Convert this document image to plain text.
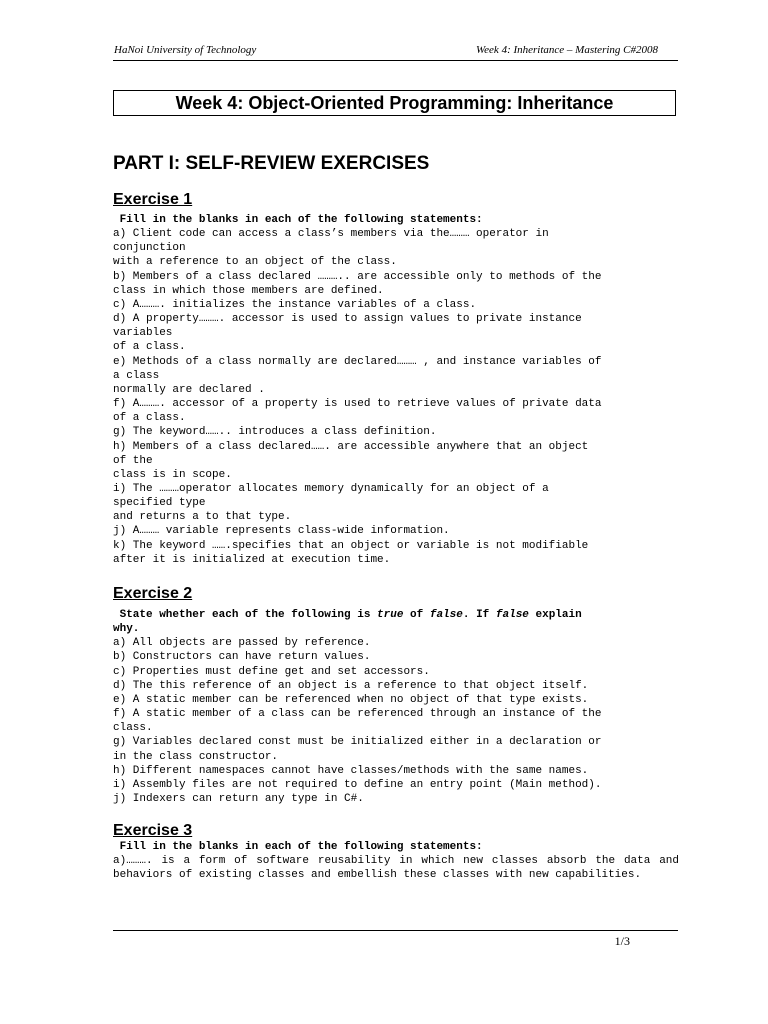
HaNoi University of Technology	Week 4: Inheritance – Mastering C#2008
Week 4: Object-Oriented Programming: Inheritance
PART I: SELF-REVIEW EXERCISES
Exercise 1
Fill in the blanks in each of the following statements:
a) Client code can access a class’s members via the……… operator in
conjunction
with a reference to an object of the class.
b) Members of a class declared ……….. are accessible only to methods of the
class in which those members are defined.
c) A………. initializes the instance variables of a class.
d) A property………. accessor is used to assign values to private instance
variables
of a class.
e) Methods of a class normally are declared……… , and instance variables of
a class
normally are declared .
f) A………. accessor of a property is used to retrieve values of private data
of a class.
g) The keyword…….. introduces a class definition.
h) Members of a class declared……. are accessible anywhere that an object
of the
class is in scope.
i) The ………operator allocates memory dynamically for an object of a
specified type
and returns a to that type.
j) A……… variable represents class-wide information.
k) The keyword …….specifies that an object or variable is not modifiable
after it is initialized at execution time.
Exercise 2
State whether each of the following is true of false. If false explain
why.
a) All objects are passed by reference.
b) Constructors can have return values.
c) Properties must define get and set accessors.
d) The this reference of an object is a reference to that object itself.
e) A static member can be referenced when no object of that type exists.
f) A static member of a class can be referenced through an instance of the
class.
g) Variables declared const must be initialized either in a declaration or
in the class constructor.
h) Different namespaces cannot have classes/methods with the same names.
i) Assembly files are not required to define an entry point (Main method).
j) Indexers can return any type in C#.
Exercise 3
Fill in the blanks in each of the following statements:
a)………. is a form of software reusability in which new classes absorb the data and behaviors of existing classes and embellish these classes with new capabilities.
1/3
